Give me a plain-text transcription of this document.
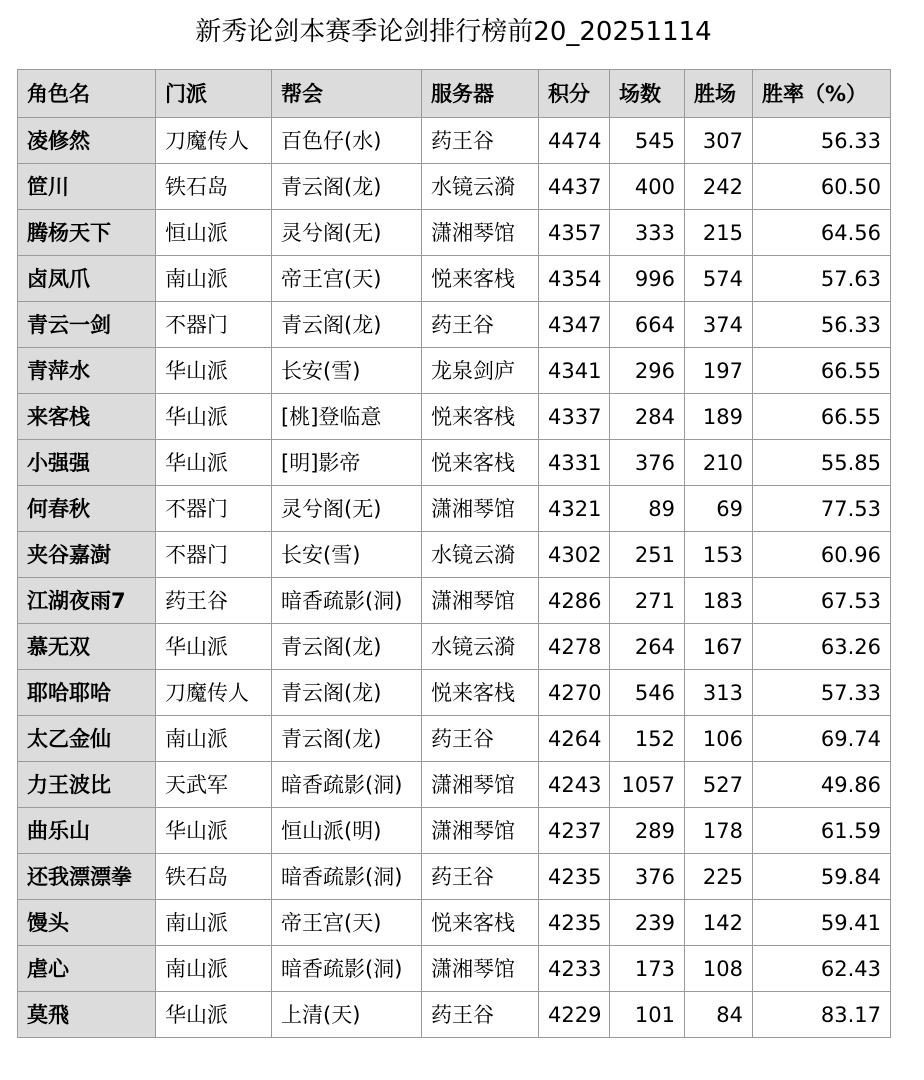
新秀论剑本赛季论剑排行榜前20_20251114
角色名	门派	帮会	服务器	积分	场数	胜场	胜率（%）
凌修然	刀魔传人	百色仔(水)	药王谷	4474	545	307	56.33
笸川	铁石岛	青云阁(龙)	水镜云漪	4437	400	242	60.50
腾杨天下	恒山派	灵兮阁(无)	潇湘琴馆	4357	333	215	64.56
卤凤爪	南山派	帝王宫(天)	悦来客栈	4354	996	574	57.63
青云一剑	不器门	青云阁(龙)	药王谷	4347	664	374	56.33
青萍水	华山派	长安(雪)	龙泉剑庐	4341	296	197	66.55
来客栈	华山派	[桃]登临意	悦来客栈	4337	284	189	66.55
小强强	华山派	[明]影帝	悦来客栈	4331	376	210	55.85
何春秋	不器门	灵兮阁(无)	潇湘琴馆	4321	89	69	77.53
夹谷嘉澍	不器门	长安(雪)	水镜云漪	4302	251	153	60.96
江湖夜雨7	药王谷	暗香疏影(洞)	潇湘琴馆	4286	271	183	67.53
慕无双	华山派	青云阁(龙)	水镜云漪	4278	264	167	63.26
耶哈耶哈	刀魔传人	青云阁(龙)	悦来客栈	4270	546	313	57.33
太乙金仙	南山派	青云阁(龙)	药王谷	4264	152	106	69.74
力王波比	天武军	暗香疏影(洞)	潇湘琴馆	4243	1057	527	49.86
曲乐山	华山派	恒山派(明)	潇湘琴馆	4237	289	178	61.59
还我漂漂拳	铁石岛	暗香疏影(洞)	药王谷	4235	376	225	59.84
馒头	南山派	帝王宫(天)	悦来客栈	4235	239	142	59.41
虐心	南山派	暗香疏影(洞)	潇湘琴馆	4233	173	108	62.43
莫飛	华山派	上清(天)	药王谷	4229	101	84	83.17
